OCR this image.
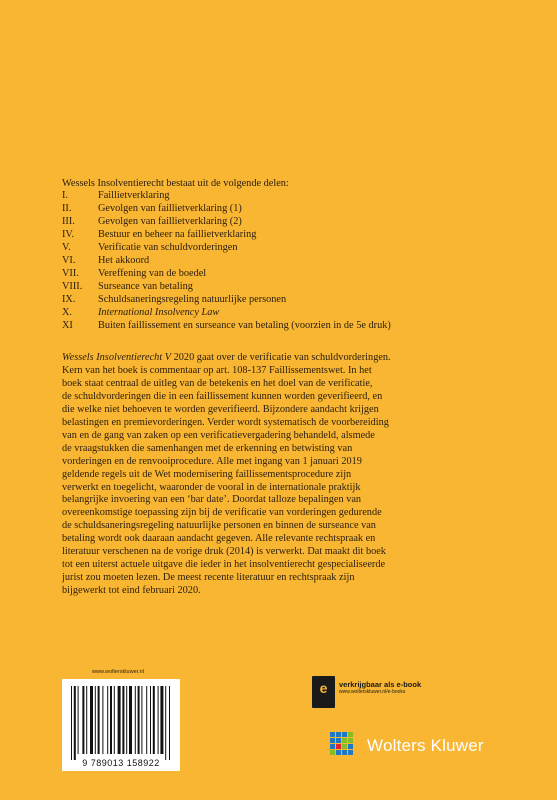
Wessels Insolventierecht bestaat uit de volgende delen:

I.	Faillietverklaring
II.	Gevolgen van faillietverklaring (1)
III.	Gevolgen van faillietverklaring (2)
IV.	Bestuur en beheer na faillietverklaring
V.	Verificatie van schuldvorderingen
VI.	Het akkoord
VII.	Vereffening van de boedel
VIII.	Surseance van betaling
IX.	Schuldsaneringsregeling natuurlijke personen
X.	International Insolvency Law
XI	Buiten faillissement en surseance van betaling (voorzien in de 5e druk)
Wessels Insolventierecht V 2020 gaat over de verificatie van schuldvorderingen.
Kern van het boek is commentaar op art. 108-137 Faillissementswet. In het
boek staat centraal de uitleg van de betekenis en het doel van de verificatie,
de schuldvorderingen die in een faillissement kunnen worden geverifieerd, en
die welke niet behoeven te worden geverifieerd. Bijzondere aandacht krijgen
belastingen en premievorderingen. Verder wordt systematisch de voorbereiding
van en de gang van zaken op een verificatievergadering behandeld, alsmede
de vraagstukken die samenhangen met de erkenning en betwisting van
vorderingen en de renvooiprocedure. Alle met ingang van 1 januari 2019
geldende regels uit de Wet modernisering faillissementsprocedure zijn
verwerkt en toegelicht, waaronder de vooral in de internationale praktijk
belangrijke invoering van een ‘bar date’. Doordat talloze bepalingen van
overeenkomstige toepassing zijn bij de verificatie van vorderingen gedurende
de schuldsaneringsregeling natuurlijke personen en binnen de surseance van
betaling wordt ook daaraan aandacht gegeven. Alle relevante rechtspraak en
literatuur verschenen na de vorige druk (2014) is verwerkt. Dat maakt dit boek
tot een uiterst actuele uitgave die ieder in het insolventierecht gespecialiseerde
jurist zou moeten lezen. De meest recente literatuur en rechtspraak zijn
bijgewerkt tot eind februari 2020.
www.wolterskluwer.nl
9 789013 158922
e	verkrijgbaar als e-book
www.wolterskluwer.nl/e-books
Wolters Kluwer
